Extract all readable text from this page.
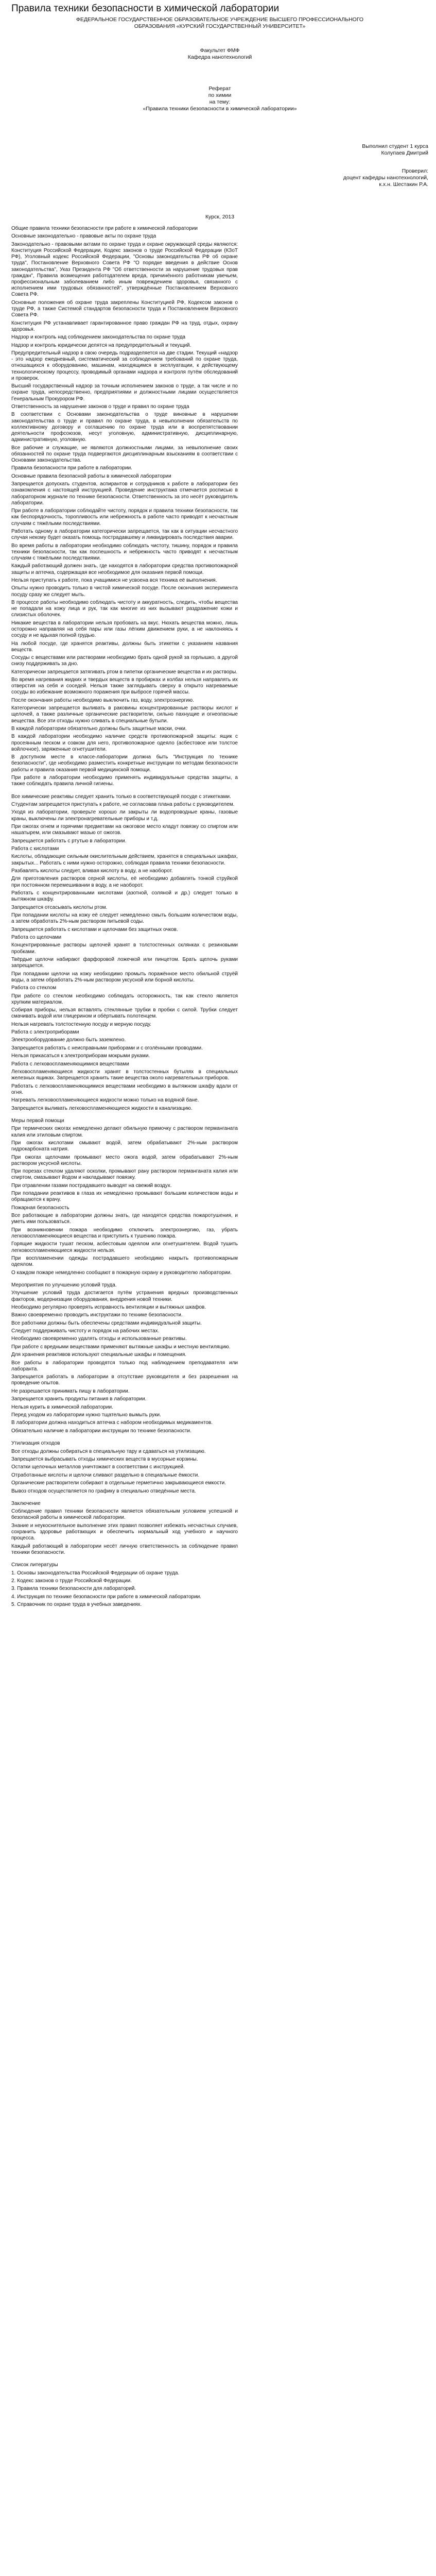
Правила техники безопасности в химической лаборатории
ФЕДЕРАЛЬНОЕ ГОСУДАРСТВЕННОЕ ОБРАЗОВАТЕЛЬНОЕ УЧРЕЖДЕНИЕ ВЫСШЕГО ПРОФЕССИОНАЛЬНОГО ОБРАЗОВАНИЯ «КУРСКИЙ ГОСУДАРСТВЕННЫЙ УНИВЕРСИТЕТ»
Факультет ФМФ
Кафедра нанотехнологий
Реферат
по химии
на тему:
«Правила техники безопасности в химической лаборатории»
Выполнил студент 1 курса
Колупаев Дмитрий
Проверил:
доцент кафедры нанотехнологий,
к.х.н. Шестакин Р.А.
Курск, 2013

Общие правила техники безопасности при работе в химической лаборатории

Основные законодательно - правовые акты по охране труда

Законодательно - правовыми актами по охране труда и охране окружающей среды являются: Конституция Российской Федерации, Кодекс законов о труде Российской Федерации (КЗоТ РФ), Уголовный кодекс Российской Федерации, "Основы законодательства РФ об охране труда", Постановление Верховного Совета РФ "О порядке введения в действие Основ законодательства", Указ Президента РФ "Об ответственности за нарушение трудовых прав граждан", Правила возмещения работодателем вреда, причинённого работникам увечьем, профессиональным заболеванием либо иным повреждением здоровья, связанного с исполнением ими трудовых обязанностей", утверждённые Постановлением Верховного Совета РФ.

Основные положения об охране труда закреплены Конституцией РФ, Кодексом законов о труде РФ, а также Системой стандартов безопасности труда и Постановлением Верховного Совета РФ.

Конституция РФ устанавливает гарантированное право граждан РФ на труд, отдых, охрану здоровья.

Надзор и контроль над соблюдением законодательства по охране труда

Надзор и контроль юридически делятся на предупредительный и текущий.

Предупредительный надзор в свою очередь подразделяется на две стадии. Текущий «надзор - это надзор ежедневный, систематический за соблюдением требований по охране труда, отношащихся к оборудованию, машинам, находящимся в эксплуатации, к действующему технологическому процессу, проводимый органами надзора и контроля путём обследований и проверок.

Высший государственный надзор за точным исполнением законов о труде, а так числе и по охране труда, непосредственно, предприятиями и должностными лицами осуществляется Генеральным Прокурором РФ.

Ответственность за нарушение законов о труде и правил по охране труда

В соответствии с Основами законодательства о труде виновные в нарушении законодательства о труде и правил по охране труда, в невыполнении обязательств по коллективному договору и соглашению по охране труда или в воспрепятствовании деятельности профсоюзов, несут уголовную, административную, дисциплинарную, административную, уголовную.

Все рабочие и служащие, не являются должностными лицами, за невыполнение своих обязанностей по охране труда подвергаются дисциплинарным взысканиям в соответствии с Основами законодательства.

Правила безопасности при работе в лаборатории.

Основные правила безопасной работы в химической лаборатории

Запрещается допускать студентов, аспирантов и сотрудников к работе в лаборатории без ознакомления с настоящей инструкцией. Проведение инструктажа отмечается росписью в лабораторном журнале по технике безопасности. Ответственность за это несёт руководитель лаборатории.

При работе в лаборатории соблюдайте чистоту, порядок и правила техники безопасности, так как беспорядочность, торопливость или небрежность в работе часто приводят к несчастным случаям с тяжёлыми последствиями.

Работать одному в лаборатории категорически запрещается, так как в ситуации несчастного случая некому будет оказать помощь пострадавшему и ликвидировать последствия аварии.

Во время работы в лаборатории необходимо соблюдать чистоту, тишину, порядок и правила техники безопасности, так как поспешность и небрежность часто приводят к несчастным случаям с тяжёлыми последствиями.

Каждый работающий должен знать, где находятся в лаборатории средства противопожарной защиты и аптечка, содержащая все необходимое для оказания первой помощи.

Нельзя приступать к работе, пока учащимися не усвоена вся техника её выполнения.

Опыты нужно проводить только в чистой химической посуде. После окончания эксперимента посуду сразу же следует мыть.

В процессе работы необходимо соблюдать чистоту и аккуратность, следить, чтобы вещества не попадали на кожу лица и рук, так как многие из них вызывают раздражение кожи и слизистых оболочек.

Никакие вещества в лаборатории нельзя пробовать на вкус. Нюхать вещества можно, лишь осторожно направляя на себя пары или газы лёгким движением руки, а не наклоняясь к сосуду и не вдыхая полной грудью.

На любой посуде, где хранятся реактивы, должны быть этикетки с указанием названия веществ.

Сосуды с веществами или растворами необходимо брать одной рукой за горлышко, а другой снизу поддерживать за дно.

Категорически запрещается затягивать ртом в пипетки органические вещества и их растворы.

Во время нагревания жидких и твердых веществ в пробирках и колбах нельзя направлять их отверстия на себя и соседей. Нельзя также заглядывать сверху в открыто нагреваемые сосуды во избежание возможного поражения при выбросе горячей массы.

После окончания работы необходимо выключить газ, воду, электроэнергию.

Категорически запрещается выливать в раковины концентрированные растворы кислот и щелочей, а также различные органические растворители, сильно пахнущие и огнеопасные вещества. Все эти отходы нужно сливать в специальные бутыли.

В каждой лаборатории обязательно должны быть защитные маски, очки.

В каждой лаборатории необходимо наличие средств противопожарной защиты: ящик с просеянным песком и совком для него, противопожарное одеяло (асбестовое или толстое войлочное), заряженные огнетушители.

В доступном месте в классе-лаборатории должна быть "Инструкция по технике безопасности", где необходимо разместить конкретные инструкции по методам безопасности работы и правила оказания первой медицинской помощи.

При работе в лаборатории необходимо применять индивидуальные средства защиты, а также соблюдать правила личной гигиены.

Все химические реактивы следует хранить только в соответствующей посуде с этикетками.

Студентам запрещается приступать к работе, не согласовав плана работы с руководителем.

Уходя из лаборатории, проверьте хорошо ли закрыты ли водопроводные краны, газовые краны, выключены ли электронагревательные приборы и т.д.

При ожогах огнем и горячими предметами на ожоговое место кладут повязку со спиртом или нашатырем, или смазывают мазью от ожогов.

Запрещается работать с ртутью в лаборатории.

Работа с кислотами

Кислоты, обладающие сильным окислительным действием, хранятся в специальных шкафах, закрытых... Работать с ними нужно осторожно, соблюдая правила техники безопасности.

Разбавлять кислоты следует, вливая кислоту в воду, а не наоборот.

Для приготовления растворов серной кислоты, её необходимо добавлять тонкой струйкой при постоянном перемешивании в воду, а не наоборот.

Работать с концентрированными кислотами (азотной, соляной и др.) следует только в вытяжном шкафу.

Запрещается отсасывать кислоты ртом.

При попадании кислоты на кожу её следует немедленно смыть большим количеством воды, а затем обработать 2%-ным раствором питьевой соды.

Запрещается работать с кислотами и щелочами без защитных очков.

Работа со щелочами

Концентрированные растворы щелочей хранят в толстостенных склянках с резиновыми пробками.

Твёрдые щелочи набирают фарфоровой ложечкой или пинцетом. Брать щелочь руками запрещается.

При попадании щелочи на кожу необходимо промыть поражённое место обильной струёй воды, а затем обработать 2%-ным раствором уксусной или борной кислоты.

Работа со стеклом

При работе со стеклом необходимо соблюдать осторожность, так как стекло является хрупким материалом.

Собирая приборы, нельзя вставлять стеклянные трубки в пробки с силой. Трубки следует смачивать водой или глицерином и обёртывать полотенцем.

Нельзя нагревать толстостенную посуду и мерную посуду.

Работа с электроприборами

Электрооборудование должно быть заземлено.

Запрещается работать с неисправными приборами и с оголёнными проводами.

Нельзя прикасаться к электроприборам мокрыми руками.

Работа с легковоспламеняющимися веществами

Легковоспламеняющиеся жидкости хранят в толстостенных бутылях в специальных железных ящиках. Запрещается хранить такие вещества около нагревательных приборов.

Работать с легковоспламеняющимися веществами необходимо в вытяжном шкафу вдали от огня.

Нагревать легковоспламеняющиеся жидкости можно только на водяной бане.

Запрещается выливать легковоспламеняющиеся жидкости в канализацию.

Меры первой помощи

При термических ожогах немедленно делают обильную примочку с раствором перманганата калия или этиловым спиртом.

При ожогах кислотами смывают водой, затем обрабатывают 2%-ным раствором гидрокарбоната натрия.

При ожогах щелочами промывают место ожога водой, затем обрабатывают 2%-ным раствором уксусной кислоты.

При порезах стеклом удаляют осколки, промывают рану раствором перманганата калия или спиртом, смазывают йодом и накладывают повязку.

При отравлении газами пострадавшего выводят на свежий воздух.

При попадании реактивов в глаза их немедленно промывают большим количеством воды и обращаются к врачу.

Пожарная безопасность

Все работающие в лаборатории должны знать, где находятся средства пожаротушения, и уметь ими пользоваться.

При возникновении пожара необходимо отключить электроэнергию, газ, убрать легковоспламеняющиеся вещества и приступить к тушению пожара.

Горящие жидкости тушат песком, асбестовым одеялом или огнетушителем. Водой тушить легковоспламеняющиеся жидкости нельзя.

При воспламенении одежды пострадавшего необходимо накрыть противопожарным одеялом.

О каждом пожаре немедленно сообщают в пожарную охрану и руководителю лаборатории.

Мероприятия по улучшению условий труда.

Улучшение условий труда достигается путём устранения вредных производственных факторов, модернизации оборудования, внедрения новой техники.

Необходимо регулярно проверять исправность вентиляции и вытяжных шкафов.

Важно своевременно проводить инструктажи по технике безопасности.

Все работники должны быть обеспечены средствами индивидуальной защиты.

Следует поддерживать чистоту и порядок на рабочих местах.

Необходимо своевременно удалять отходы и использованные реактивы.

При работе с вредными веществами применяют вытяжные шкафы и местную вентиляцию.

Для хранения реактивов используют специальные шкафы и помещения.

Все работы в лаборатории проводятся только под наблюдением преподавателя или лаборанта.

Запрещается работать в лаборатории в отсутствие руководителя и без разрешения на проведение опытов.

Не разрешается принимать пищу в лаборатории.

Запрещается хранить продукты питания в лаборатории.

Нельзя курить в химической лаборатории.

Перед уходом из лаборатории нужно тщательно вымыть руки.

В лаборатории должна находиться аптечка с набором необходимых медикаментов.

Обязательно наличие в лаборатории инструкции по технике безопасности.

Утилизация отходов

Все отходы должны собираться в специальную тару и сдаваться на утилизацию.

Запрещается выбрасывать отходы химических веществ в мусорные корзины.

Остатки щелочных металлов уничтожают в соответствии с инструкцией.

Отработанные кислоты и щелочи сливают раздельно в специальные ёмкости.

Органические растворители собирают в отдельные герметично закрывающиеся емкости.

Вывоз отходов осуществляется по графику в специально отведённые места.

Заключение

Соблюдение правил техники безопасности является обязательным условием успешной и безопасной работы в химической лаборатории.

Знание и неукоснительное выполнение этих правил позволяет избежать несчастных случаев, сохранить здоровье работающих и обеспечить нормальный ход учебного и научного процесса.

Каждый работающий в лаборатории несёт личную ответственность за соблюдение правил техники безопасности.

Список литературы

1. Основы законодательства Российской Федерации об охране труда.

2. Кодекс законов о труде Российской Федерации.

3. Правила техники безопасности для лабораторий.

4. Инструкция по технике безопасности при работе в химической лаборатории.

5. Справочник по охране труда в учебных заведениях.
